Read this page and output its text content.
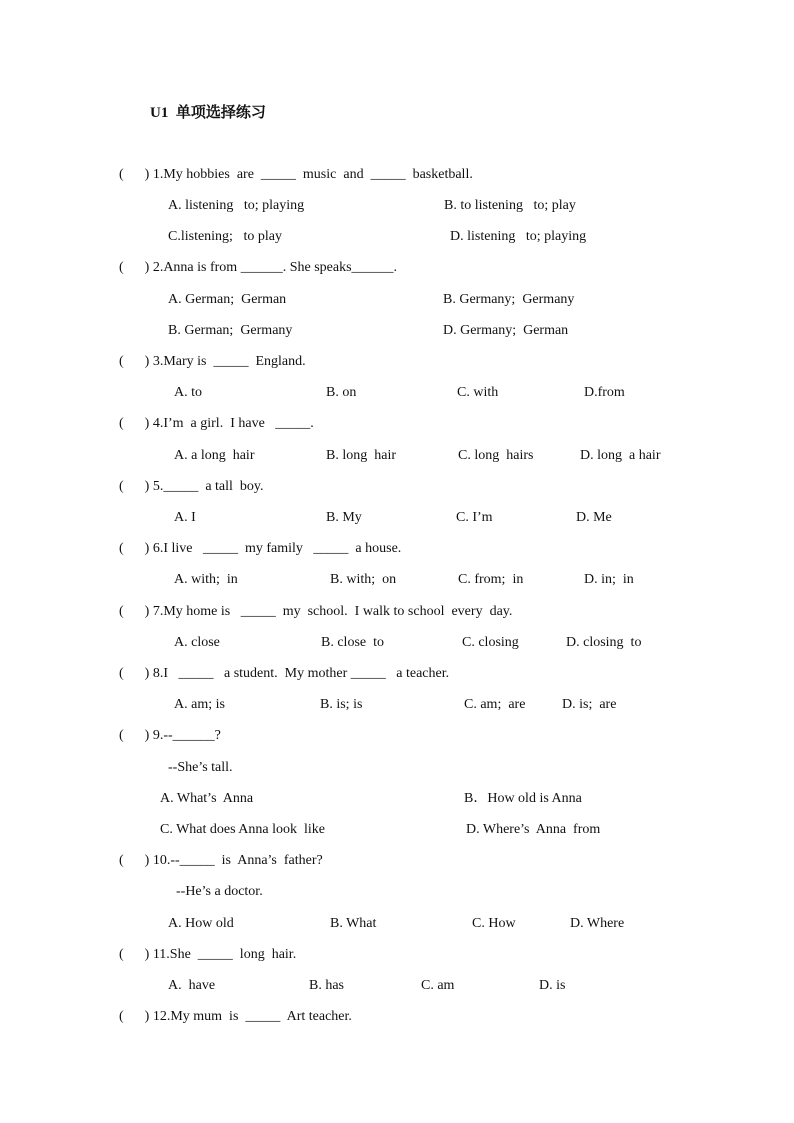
U1  单项选择练习
(      ) 1.My hobbies  are  _____  music  and  _____  basketball.
A. listening   to; playing	B. to listening   to; play
C.listening;   to play	D. listening   to; playing
(      ) 2.Anna is from ______. She speaks______.
A. German;  German	B. Germany;  Germany
B. German;  Germany	D. Germany;  German
(      ) 3.Mary is  _____  England.
A. to	B. on	C. with	D.from
(      ) 4.I’m  a girl.  I have   _____.
A. a long  hair	B. long  hair	C. long  hairs	D. long  a hair
(      ) 5._____  a tall  boy.
A. I	B. My	C. I’m	D. Me
(      ) 6.I live   _____  my family   _____  a house.
A. with;  in	B. with;  on	C. from;  in	D. in;  in
(      ) 7.My home is   _____  my  school.  I walk to school  every  day.
A. close	B. close  to	C. closing	D. closing  to
(      ) 8.I   _____   a student.  My mother _____   a teacher.
A. am; is	B. is; is	C. am;  are	D. is;  are
(      ) 9.--______?
--She’s tall.
A. What’s  Anna	B．How old is Anna
C. What does Anna look  like	D. Where’s  Anna  from
(      ) 10.--_____  is  Anna’s  father?
--He’s a doctor.
A. How old	B. What	C. How	D. Where
(      ) 11.She  _____  long  hair.
A.  have	B. has	C. am	D. is
(      ) 12.My mum  is  _____  Art teacher.
